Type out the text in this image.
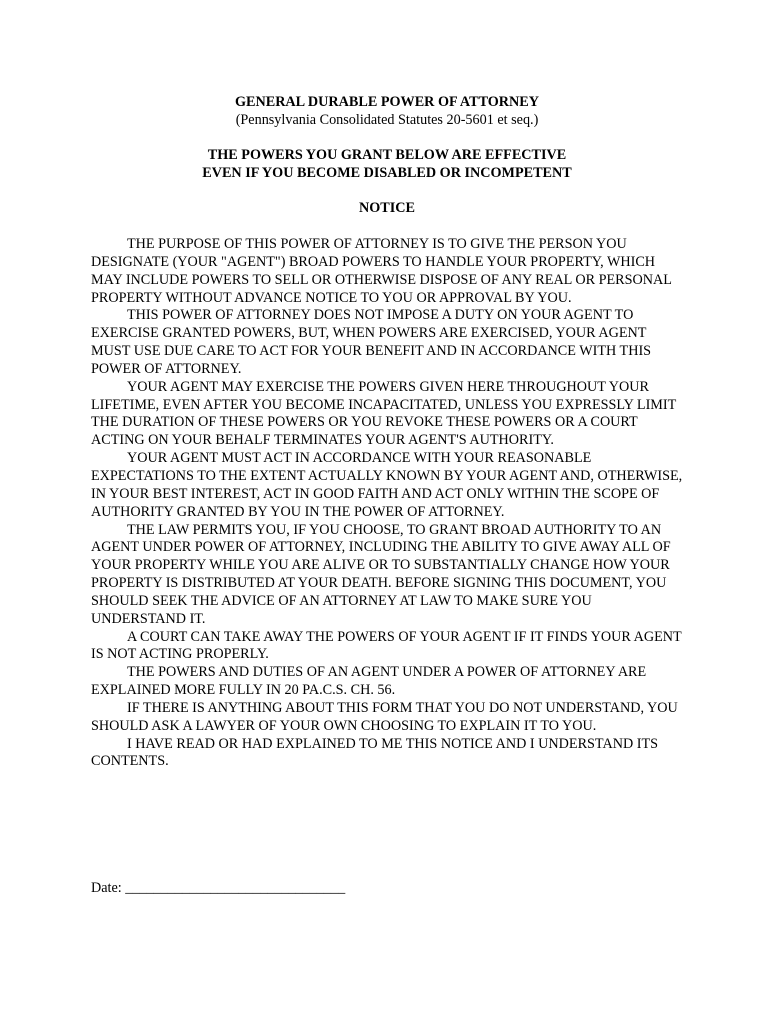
GENERAL DURABLE POWER OF ATTORNEY

(Pennsylvania Consolidated Statutes 20-5601 et seq.)

THE POWERS YOU GRANT BELOW ARE EFFECTIVE

EVEN IF YOU BECOME DISABLED OR INCOMPETENT

NOTICE

THE PURPOSE OF THIS POWER OF ATTORNEY IS TO GIVE THE PERSON YOU DESIGNATE (YOUR "AGENT") BROAD POWERS TO HANDLE YOUR PROPERTY, WHICH MAY INCLUDE POWERS TO SELL OR OTHERWISE DISPOSE OF ANY REAL OR PERSONAL PROPERTY WITHOUT ADVANCE NOTICE TO YOU OR APPROVAL BY YOU.

THIS POWER OF ATTORNEY DOES NOT IMPOSE A DUTY ON YOUR AGENT TO EXERCISE GRANTED POWERS, BUT, WHEN POWERS ARE EXERCISED, YOUR AGENT MUST USE DUE CARE TO ACT FOR YOUR BENEFIT AND IN ACCORDANCE WITH THIS POWER OF ATTORNEY.

YOUR AGENT MAY EXERCISE THE POWERS GIVEN HERE THROUGHOUT YOUR LIFETIME, EVEN AFTER YOU BECOME INCAPACITATED, UNLESS YOU EXPRESSLY LIMIT THE DURATION OF THESE POWERS OR YOU REVOKE THESE POWERS OR A COURT ACTING ON YOUR BEHALF TERMINATES YOUR AGENT'S AUTHORITY.

YOUR AGENT MUST ACT IN ACCORDANCE WITH YOUR REASONABLE EXPECTATIONS TO THE EXTENT ACTUALLY KNOWN BY YOUR AGENT AND, OTHERWISE, IN YOUR BEST INTEREST, ACT IN GOOD FAITH AND ACT ONLY WITHIN THE SCOPE OF AUTHORITY GRANTED BY YOU IN THE POWER OF ATTORNEY.

THE LAW PERMITS YOU, IF YOU CHOOSE, TO GRANT BROAD AUTHORITY TO AN AGENT UNDER POWER OF ATTORNEY, INCLUDING THE ABILITY TO GIVE AWAY ALL OF YOUR PROPERTY WHILE YOU ARE ALIVE OR TO SUBSTANTIALLY CHANGE HOW YOUR PROPERTY IS DISTRIBUTED AT YOUR DEATH. BEFORE SIGNING THIS DOCUMENT, YOU SHOULD SEEK THE ADVICE OF AN ATTORNEY AT LAW TO MAKE SURE YOU UNDERSTAND IT.

A COURT CAN TAKE AWAY THE POWERS OF YOUR AGENT IF IT FINDS YOUR AGENT IS NOT ACTING PROPERLY.

THE POWERS AND DUTIES OF AN AGENT UNDER A POWER OF ATTORNEY ARE EXPLAINED MORE FULLY IN 20 PA.C.S. CH. 56.

IF THERE IS ANYTHING ABOUT THIS FORM THAT YOU DO NOT UNDERSTAND, YOU SHOULD ASK A LAWYER OF YOUR OWN CHOOSING TO EXPLAIN IT TO YOU.

I HAVE READ OR HAD EXPLAINED TO ME THIS NOTICE AND I UNDERSTAND ITS CONTENTS.

Date: _______________________________
